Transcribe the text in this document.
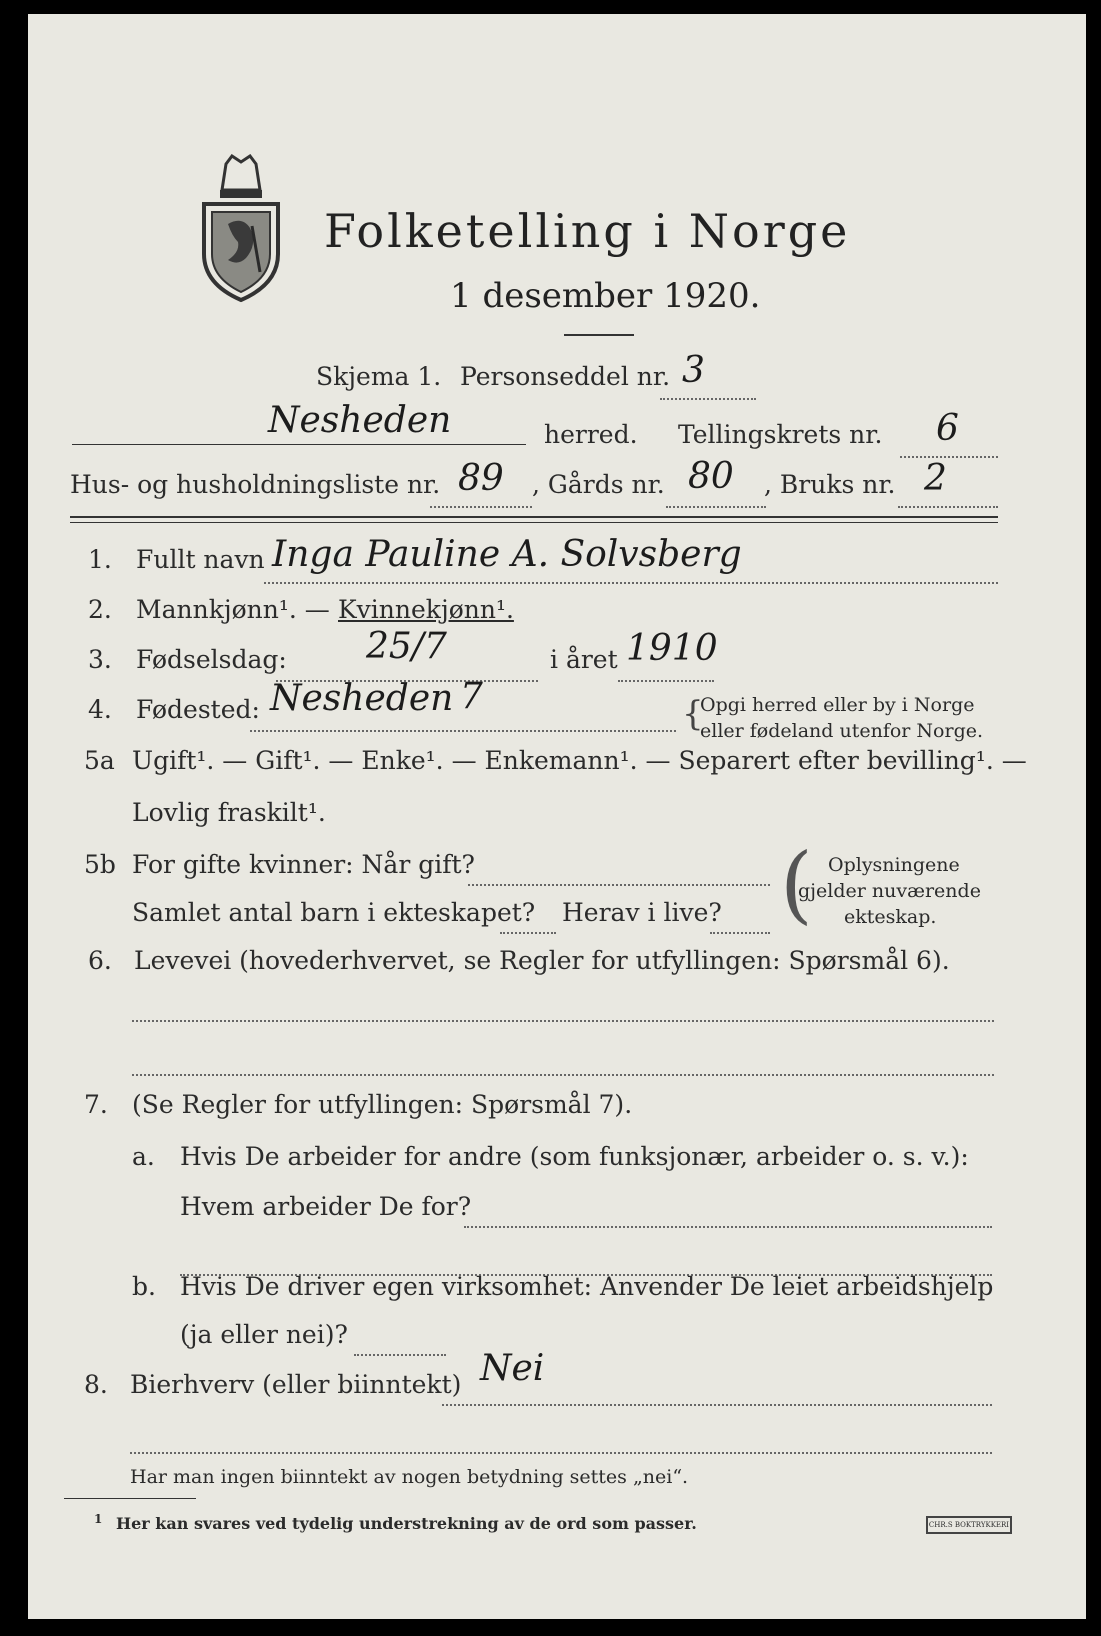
Folketelling i Norge
1 desember 1920.
Skjema 1. Personseddel nr. 3
Nesheden	herred. Tellingskrets nr. 6
Hus- og husholdningsliste nr. 89 , Gårds nr. 80 , Bruks nr. 2
1. Fullt navn Inga Pauline A. Solvsberg
2. Mannkjønn¹. — Kvinnekjønn¹.
3. Fødselsdag: 25/7	i året 1910
4. Fødested: Nesheden 7	{
Opgi herred eller by i Norge
eller fødeland utenfor Norge.
5a Ugift¹. — Gift¹. — Enke¹. — Enkemann¹. — Separert efter bevilling¹. —
Lovlig fraskilt¹.
5b For gifte kvinner: Når gift?
Samlet antal barn i ekteskapet? Herav i live? ( Oplysningene
gjelder nuværende
ekteskap.
6. Levevei (hovederhvervet, se Regler for utfyllingen: Spørsmål 6).
7. (Se Regler for utfyllingen: Spørsmål 7).
a. Hvis De arbeider for andre (som funksjonær, arbeider o. s. v.):
Hvem arbeider De for?
b. Hvis De driver egen virksomhet: Anvender De leiet arbeidshjelp
(ja eller nei)?
8. Bierhverv (eller biinntekt) Nei
Har man ingen biinntekt av nogen betydning settes „nei“.
1 Her kan svares ved tydelig understrekning av de ord som passer.	CHR.S BOKTRYKKERI
